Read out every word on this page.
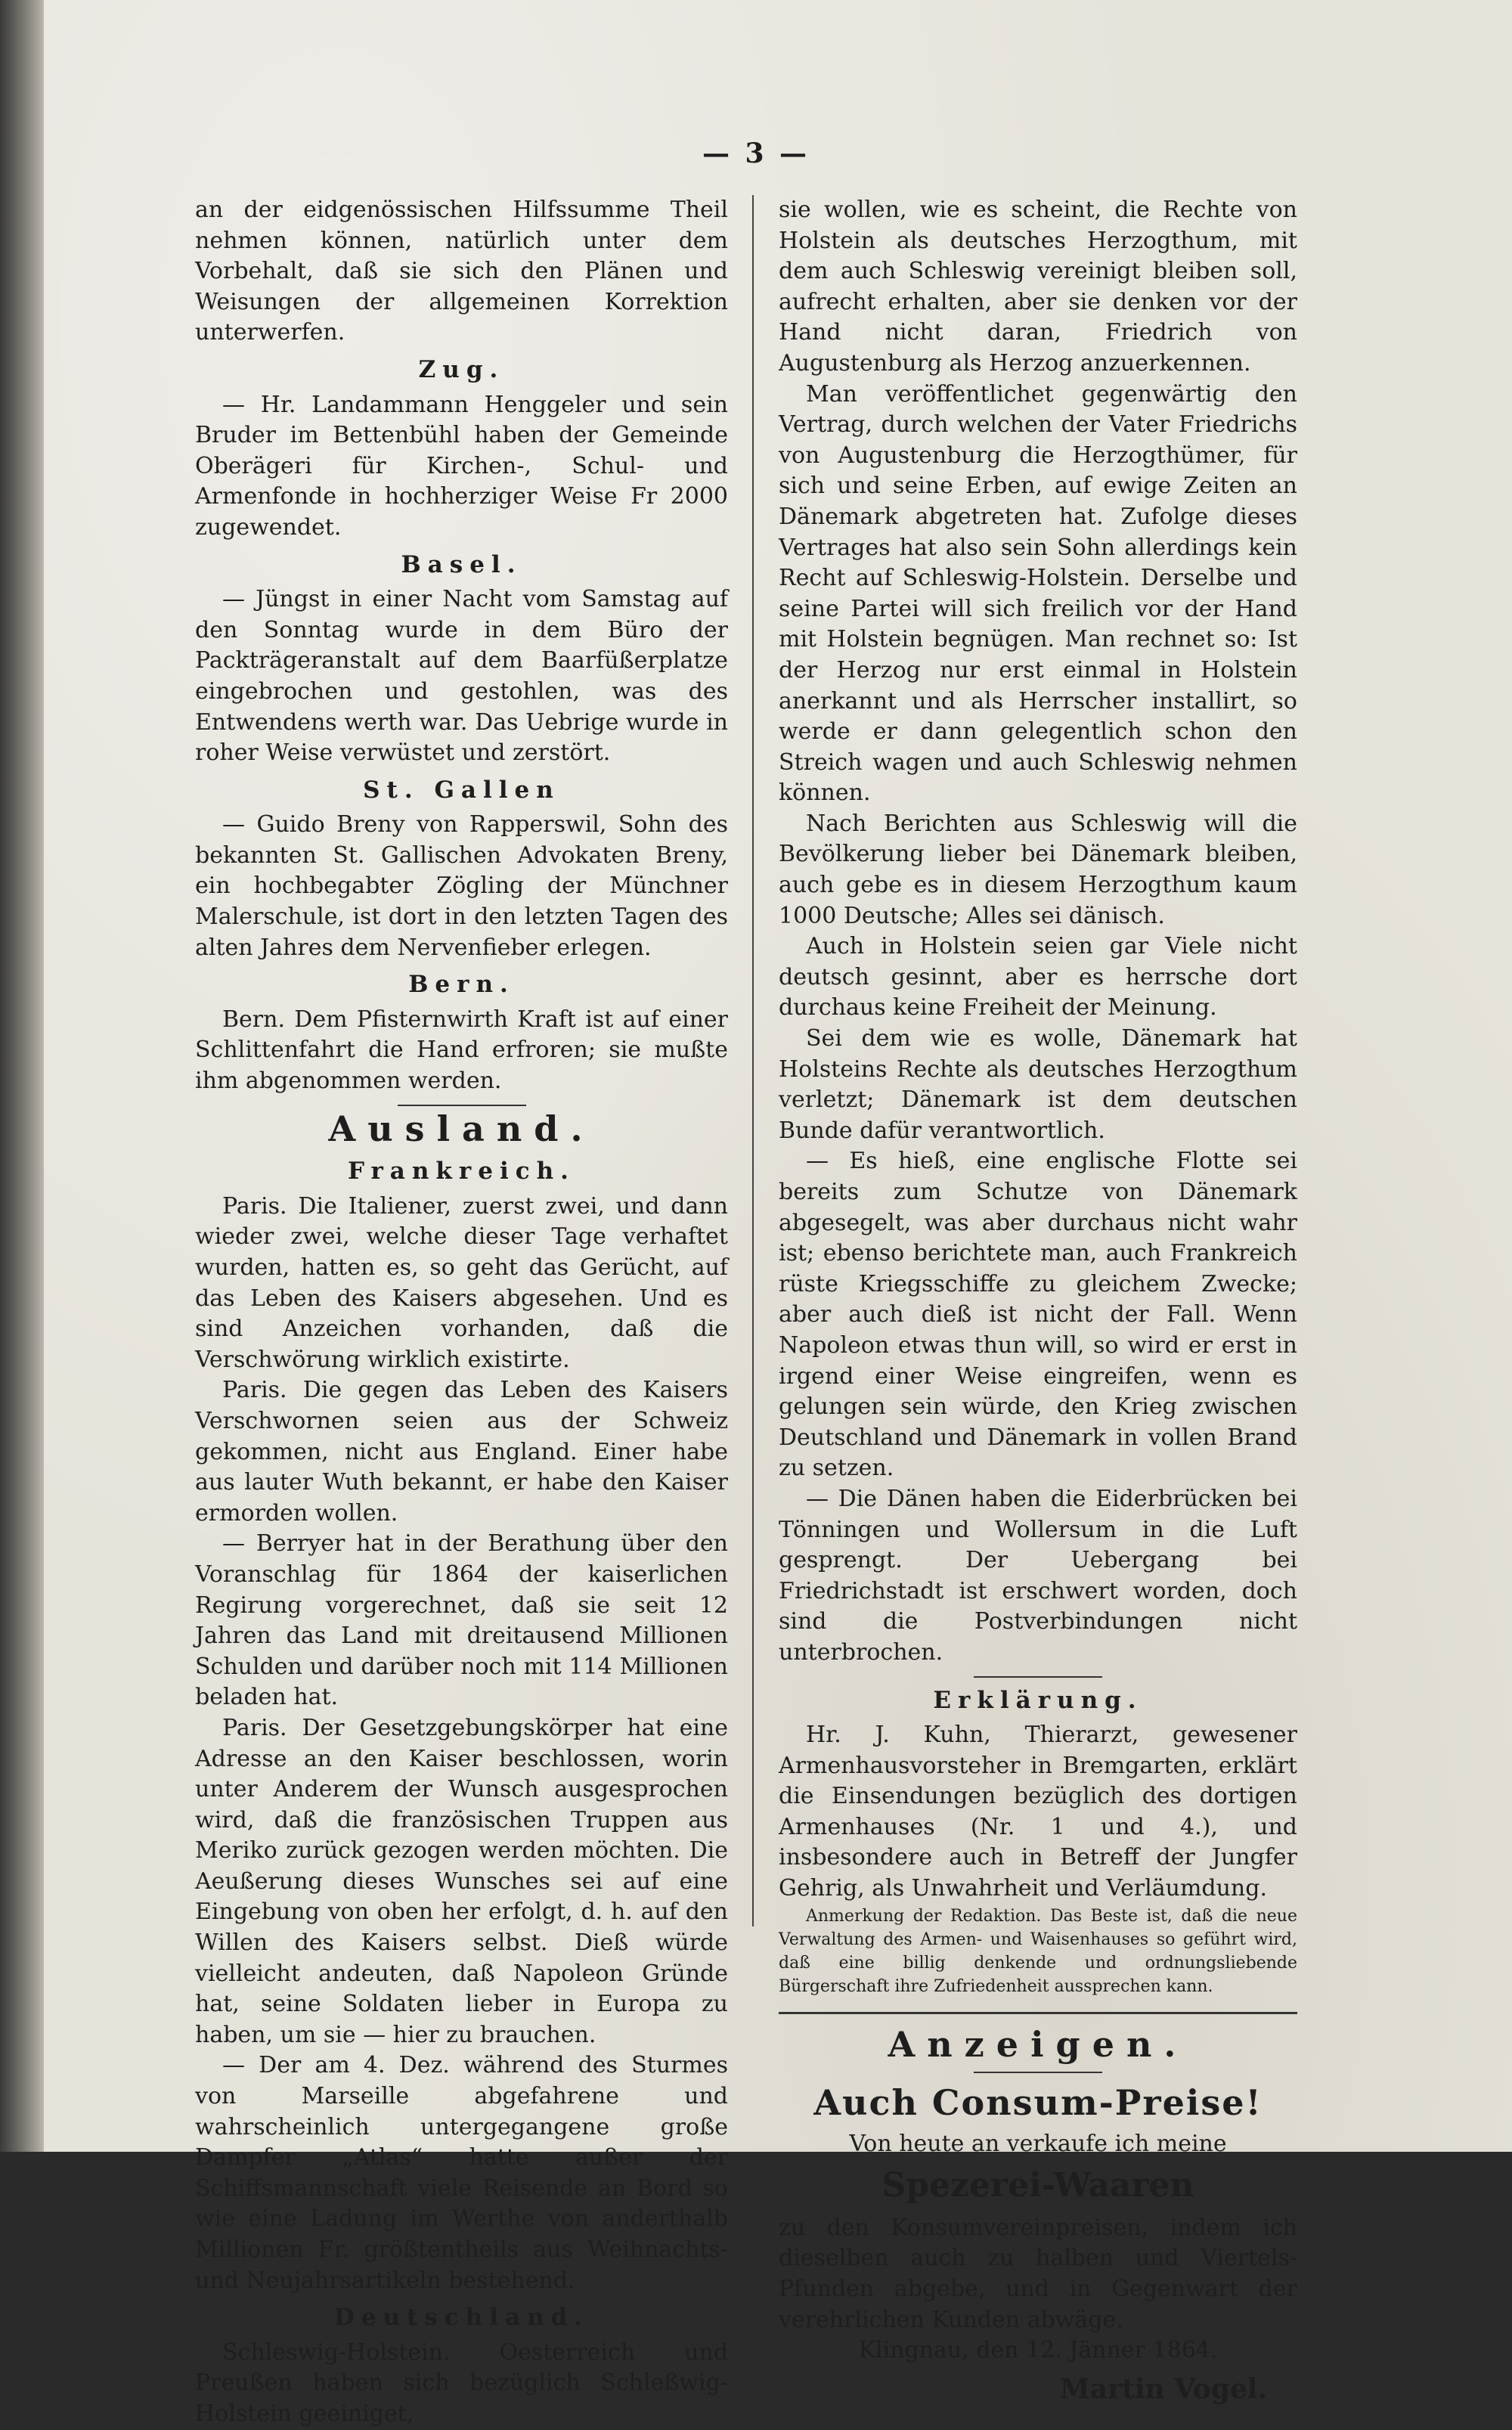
— 3 —

an der eidgenössischen Hilfssumme Theil nehmen können, natürlich unter dem Vorbehalt, daß sie sich den Plänen und Weisungen der allgemeinen Korrektion unterwerfen.

Zug.

— Hr. Landammann Henggeler und sein Bruder im Bettenbühl haben der Gemeinde Oberägeri für Kirchen-, Schul- und Armenfonde in hochherziger Weise Fr 2000 zugewendet.

Basel.

— Jüngst in einer Nacht vom Samstag auf den Sonntag wurde in dem Büro der Packträgeranstalt auf dem Baarfüßerplatze eingebrochen und gestohlen, was des Entwendens werth war. Das Uebrige wurde in roher Weise verwüstet und zerstört.

St. Gallen

— Guido Breny von Rapperswil, Sohn des bekannten St. Gallischen Advokaten Breny, ein hochbegabter Zögling der Münchner Malerschule, ist dort in den letzten Tagen des alten Jahres dem Nervenfieber erlegen.

Bern.

Bern. Dem Pfisternwirth Kraft ist auf einer Schlittenfahrt die Hand erfroren; sie mußte ihm abgenommen werden.

Ausland.
Frankreich.

Paris. Die Italiener, zuerst zwei, und dann wieder zwei, welche dieser Tage verhaftet wurden, hatten es, so geht das Gerücht, auf das Leben des Kaisers abgesehen. Und es sind Anzeichen vorhanden, daß die Verschwörung wirklich existirte.

Paris. Die gegen das Leben des Kaisers Verschwornen seien aus der Schweiz gekommen, nicht aus England. Einer habe aus lauter Wuth bekannt, er habe den Kaiser ermorden wollen.

— Berryer hat in der Berathung über den Voranschlag für 1864 der kaiserlichen Regirung vorgerechnet, daß sie seit 12 Jahren das Land mit dreitausend Millionen Schulden und darüber noch mit 114 Millionen beladen hat.

Paris. Der Gesetzgebungskörper hat eine Adresse an den Kaiser beschlossen, worin unter Anderem der Wunsch ausgesprochen wird, daß die französischen Truppen aus Meriko zurück gezogen werden möchten. Die Aeußerung dieses Wunsches sei auf eine Eingebung von oben her erfolgt, d. h. auf den Willen des Kaisers selbst. Dieß würde vielleicht andeuten, daß Napoleon Gründe hat, seine Soldaten lieber in Europa zu haben, um sie — hier zu brauchen.

— Der am 4. Dez. während des Sturmes von Marseille abgefahrene und wahrscheinlich untergegangene große Dampfer „Atlas“ hatte außer der Schiffsmannschaft viele Reisende an Bord so wie eine Ladung im Werthe von anderthalb Millionen Fr. größtentheils aus Weihnachts- und Neujahrsartikeln bestehend.

Deutschland.

Schleswig-Holstein. Oesterreich und Preußen haben sich bezüglich Schleßwig-Holstein geeiniget,

sie wollen, wie es scheint, die Rechte von Holstein als deutsches Herzogthum, mit dem auch Schleswig vereinigt bleiben soll, aufrecht erhalten, aber sie denken vor der Hand nicht daran, Friedrich von Augustenburg als Herzog anzuerkennen.

Man veröffentlichet gegenwärtig den Vertrag, durch welchen der Vater Friedrichs von Augustenburg die Herzogthümer, für sich und seine Erben, auf ewige Zeiten an Dänemark abgetreten hat. Zufolge dieses Vertrages hat also sein Sohn allerdings kein Recht auf Schleswig-Holstein. Derselbe und seine Partei will sich freilich vor der Hand mit Holstein begnügen. Man rechnet so: Ist der Herzog nur erst einmal in Holstein anerkannt und als Herrscher installirt, so werde er dann gelegentlich schon den Streich wagen und auch Schleswig nehmen können.

Nach Berichten aus Schleswig will die Bevölkerung lieber bei Dänemark bleiben, auch gebe es in diesem Herzogthum kaum 1000 Deutsche; Alles sei dänisch.

Auch in Holstein seien gar Viele nicht deutsch gesinnt, aber es herrsche dort durchaus keine Freiheit der Meinung.

Sei dem wie es wolle, Dänemark hat Holsteins Rechte als deutsches Herzogthum verletzt; Dänemark ist dem deutschen Bunde dafür verantwortlich.

— Es hieß, eine englische Flotte sei bereits zum Schutze von Dänemark abgesegelt, was aber durchaus nicht wahr ist; ebenso berichtete man, auch Frankreich rüste Kriegsschiffe zu gleichem Zwecke; aber auch dieß ist nicht der Fall. Wenn Napoleon etwas thun will, so wird er erst in irgend einer Weise eingreifen, wenn es gelungen sein würde, den Krieg zwischen Deutschland und Dänemark in vollen Brand zu setzen.

— Die Dänen haben die Eiderbrücken bei Tönningen und Wollersum in die Luft gesprengt. Der Uebergang bei Friedrichstadt ist erschwert worden, doch sind die Postverbindungen nicht unterbrochen.

Erklärung.

Hr. J. Kuhn, Thierarzt, gewesener Armenhausvorsteher in Bremgarten, erklärt die Einsendungen bezüglich des dortigen Armenhauses (Nr. 1 und 4.), und insbesondere auch in Betreff der Jungfer Gehrig, als Unwahrheit und Verläumdung.

Anmerkung der Redaktion. Das Beste ist, daß die neue Verwaltung des Armen- und Waisenhauses so geführt wird, daß eine billig denkende und ordnungsliebende Bürgerschaft ihre Zufriedenheit aussprechen kann.

Anzeigen.
Auch Consum-Preise!
Von heute an verkaufe ich meine
Spezerei-Waaren

zu den Konsumvereinpreisen, indem ich dieselben auch zu halben und Viertels-Pfunden abgebe, und in Gegenwart der verehrlichen Kunden abwäge.

Klingnau, den 12. Jänner 1864.
Martin Vogel.
